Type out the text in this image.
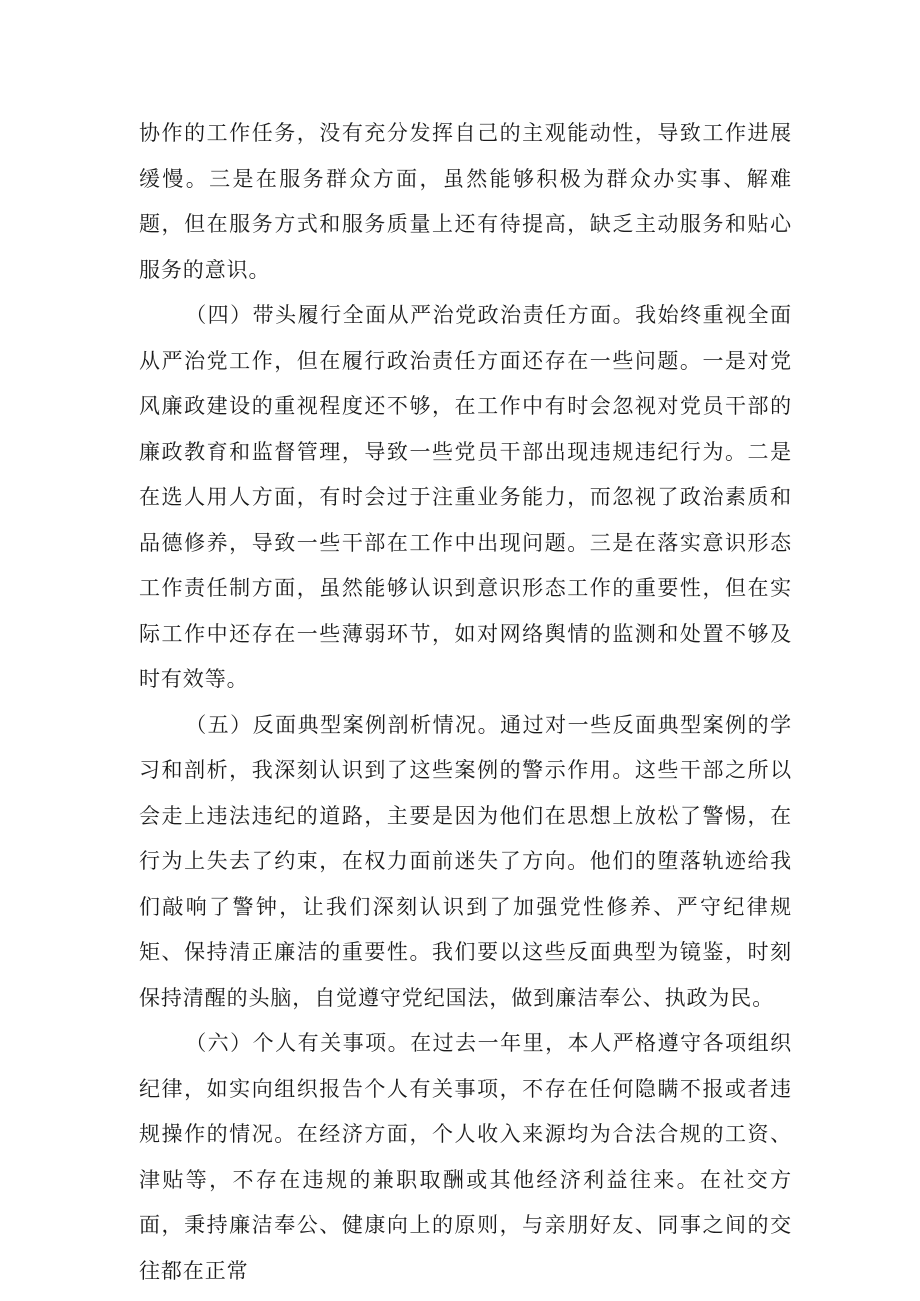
协作的工作任务，没有充分发挥自己的主观能动性，导致工作进展缓慢。三是在服务群众方面，虽然能够积极为群众办实事、解难题，但在服务方式和服务质量上还有待提高，缺乏主动服务和贴心服务的意识。

（四）带头履行全面从严治党政治责任方面。我始终重视全面从严治党工作，但在履行政治责任方面还存在一些问题。一是对党风廉政建设的重视程度还不够，在工作中有时会忽视对党员干部的廉政教育和监督管理，导致一些党员干部出现违规违纪行为。二是在选人用人方面，有时会过于注重业务能力，而忽视了政治素质和品德修养，导致一些干部在工作中出现问题。三是在落实意识形态工作责任制方面，虽然能够认识到意识形态工作的重要性，但在实际工作中还存在一些薄弱环节，如对网络舆情的监测和处置不够及时有效等。

（五）反面典型案例剖析情况。通过对一些反面典型案例的学习和剖析，我深刻认识到了这些案例的警示作用。这些干部之所以会走上违法违纪的道路，主要是因为他们在思想上放松了警惕，在行为上失去了约束，在权力面前迷失了方向。他们的堕落轨迹给我们敲响了警钟，让我们深刻认识到了加强党性修养、严守纪律规矩、保持清正廉洁的重要性。我们要以这些反面典型为镜鉴，时刻保持清醒的头脑，自觉遵守党纪国法，做到廉洁奉公、执政为民。

（六）个人有关事项。在过去一年里，本人严格遵守各项组织纪律，如实向组织报告个人有关事项，不存在任何隐瞒不报或者违规操作的情况。在经济方面，个人收入来源均为合法合规的工资、津贴等，不存在违规的兼职取酬或其他经济利益往来。在社交方面，秉持廉洁奉公、健康向上的原则，与亲朋好友、同事之间的交往都在正常
